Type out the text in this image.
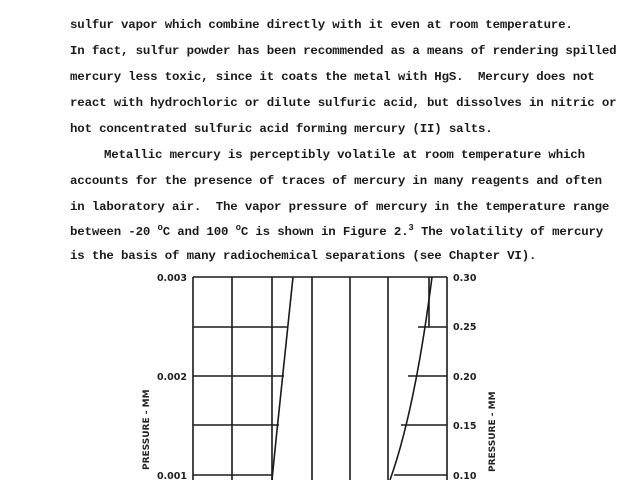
sulfur vapor which combine directly with it even at room temperature.
In fact, sulfur powder has been recommended as a means of rendering spilled
mercury less toxic, since it coats the metal with HgS.  Mercury does not
react with hydrochloric or dilute sulfuric acid, but dissolves in nitric or
hot concentrated sulfuric acid forming mercury (II) salts.
Metallic mercury is perceptibly volatile at room temperature which
accounts for the presence of traces of mercury in many reagents and often
in laboratory air.  The vapor pressure of mercury in the temperature range
between -20 $^o$C and 100 $^o$C is shown in Figure 2.$^3$ The volatility of mercury
is the basis of many radiochemical separations (see Chapter VI).
0.003
0.002
0.001
0.30
0.25
0.20
0.15
0.10
PRESSURE - MM	PRESSURE - MM
